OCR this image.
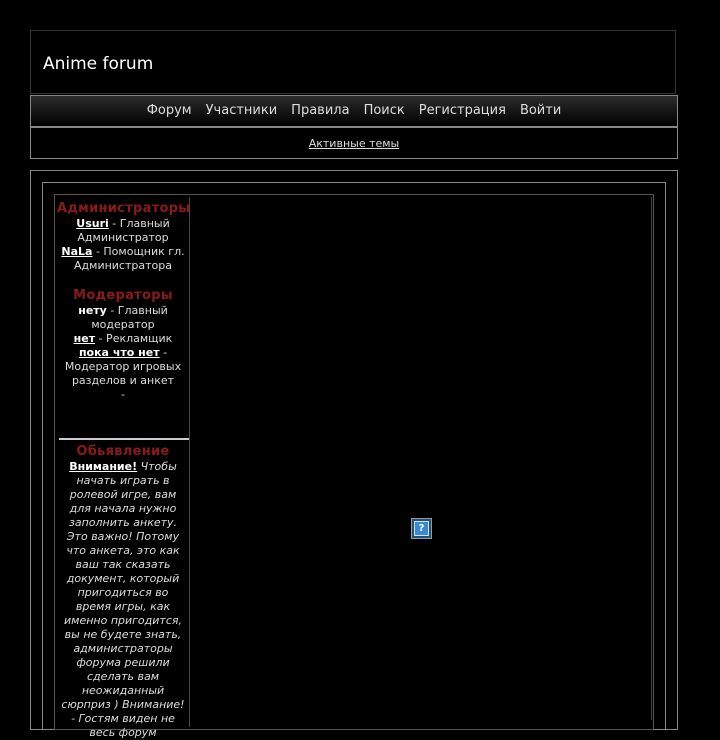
Anime forum
Форум Участники Правила Поиск Регистрация Войти
Активные темы
Администраторы
Usuri - Главный Администратор
NaLa - Помощник гл. Администратора
Модераторы
нету - Главный модератор
нет - Рекламщик
пока что нет - Модератор игровых разделов и анкет
-
Обьявление
Внимание! Чтобы начать играть в ролевой игре, вам для начала нужно заполнить анкету. Это важно! Потому что анкета, это как ваш так сказать документ, который пригодиться во время игры, как именно пригодится, вы не будете знать, администраторы форума решили сделать вам неожиданный сюрприз ) Внимание! - Гостям виден не весь форум
?
